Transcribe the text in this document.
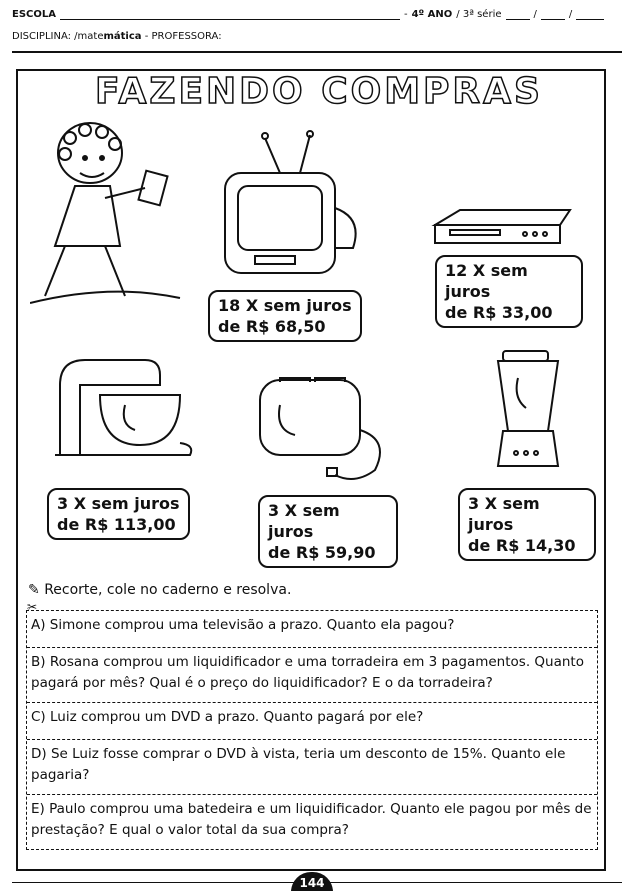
ESCOLA	- 4º ANO / 3ª série	/	/
DISCIPLINA: /matemática - PROFESSORA:
FAZENDO COMPRAS
18 X sem juros
de R$ 68,50
12 X sem juros
de R$ 33,00
3 X sem juros
de R$ 113,00
3 X sem juros
de R$ 59,90
3 X sem juros
de R$ 14,30
✎ Recorte, cole no caderno e resolva.
✂
A) Simone comprou uma televisão a prazo. Quanto ela pagou?
B) Rosana comprou um liquidificador e uma torradeira em 3 pagamentos. Quanto pagará por mês? Qual é o preço do liquidificador? E o da torradeira?
C) Luiz comprou um DVD a prazo. Quanto pagará por ele?
D) Se Luiz fosse comprar o DVD à vista, teria um desconto de 15%. Quanto ele pagaria?
E) Paulo comprou uma batedeira e um liquidificador. Quanto ele pagou por mês de prestação? E qual o valor total da sua compra?
144
